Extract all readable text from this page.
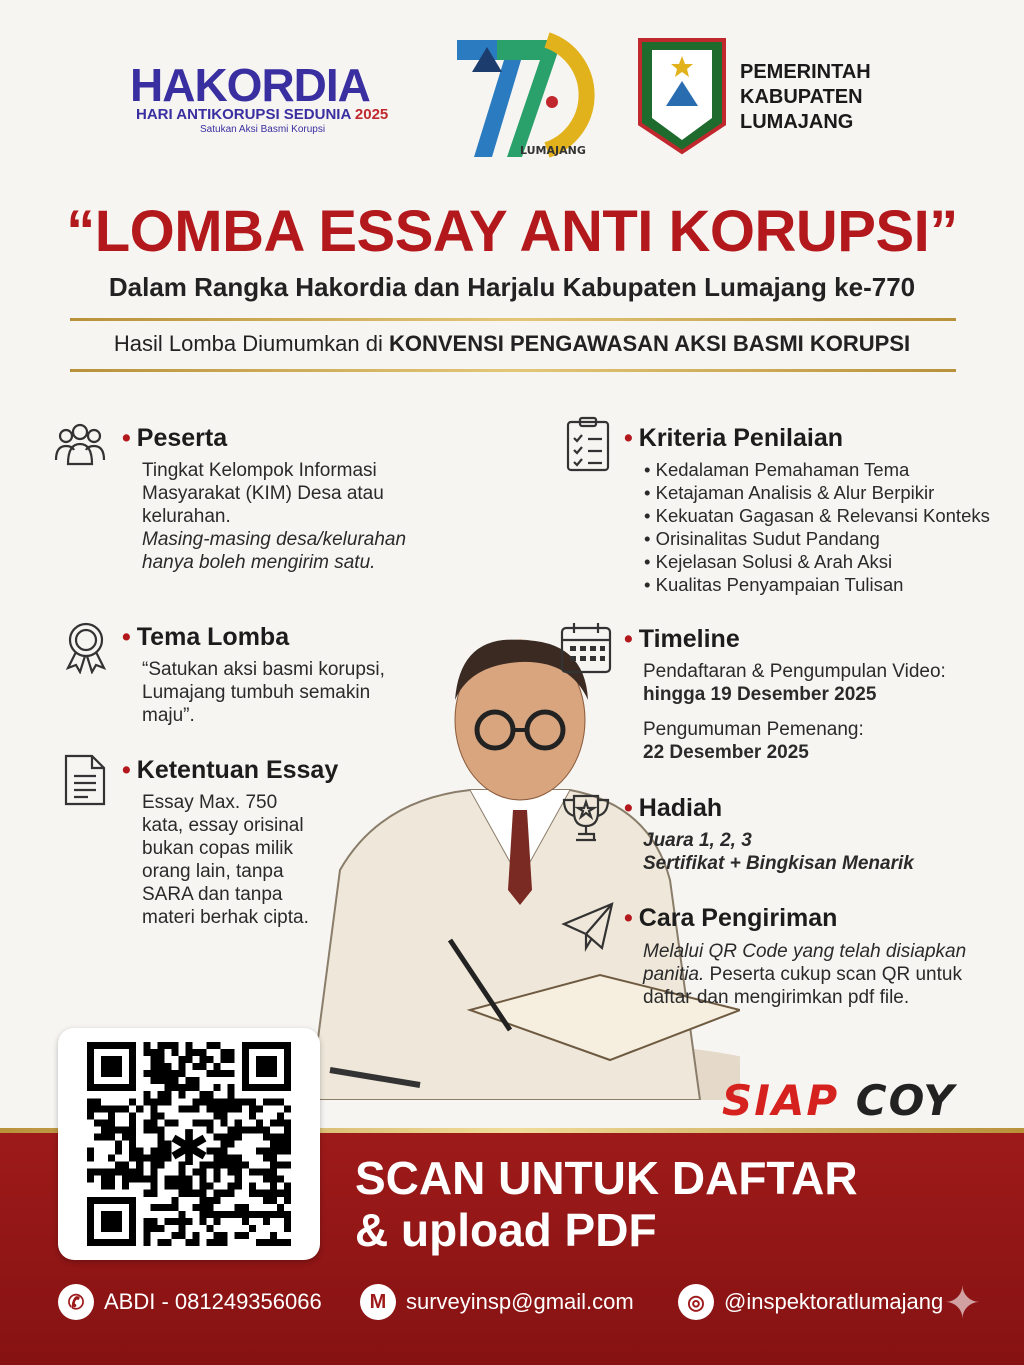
HAKORDIA
HARI ANTIKORUPSI SEDUNIA 2025
Satukan Aksi Basmi Korupsi
LUMAJANG
PEMERINTAH
KABUPATEN
LUMAJANG
“LOMBA ESSAY ANTI KORUPSI”
Dalam Rangka Hakordia dan Harjalu Kabupaten Lumajang ke-770
Hasil Lomba Diumumkan di KONVENSI PENGAWASAN AKSI BASMI KORUPSI
• Peserta
Tingkat Kelompok Informasi Masyarakat (KIM) Desa atau kelurahan.
Masing-masing desa/kelurahan hanya boleh mengirim satu.
• Tema Lomba
“Satukan aksi basmi korupsi, Lumajang tumbuh semakin maju”.
• Ketentuan Essay
Essay Max. 750 kata, essay orisinal bukan copas milik orang lain, tanpa SARA dan tanpa materi berhak cipta.
• Kriteria Penilaian
• Kedalaman Pemahaman Tema
• Ketajaman Analisis & Alur Berpikir
• Kekuatan Gagasan & Relevansi Konteks
• Orisinalitas Sudut Pandang
• Kejelasan Solusi & Arah Aksi
• Kualitas Penyampaian Tulisan
• Timeline
Pendaftaran & Pengumpulan Video:
hingga 19 Desember 2025
Pengumuman Pemenang:
22 Desember 2025
• Hadiah
Juara 1, 2, 3
Sertifikat + Bingkisan Menarik
• Cara Pengiriman
Melalui QR Code yang telah disiapkan panitia. Peserta cukup scan QR untuk daftar dan mengirimkan pdf file.
SIAP COY
✱
SCAN UNTUK DAFTAR
& upload PDF
✆ ABDI - 081249356066	M surveyinsp@gmail.com	◎ @inspektoratlumajang ✦
